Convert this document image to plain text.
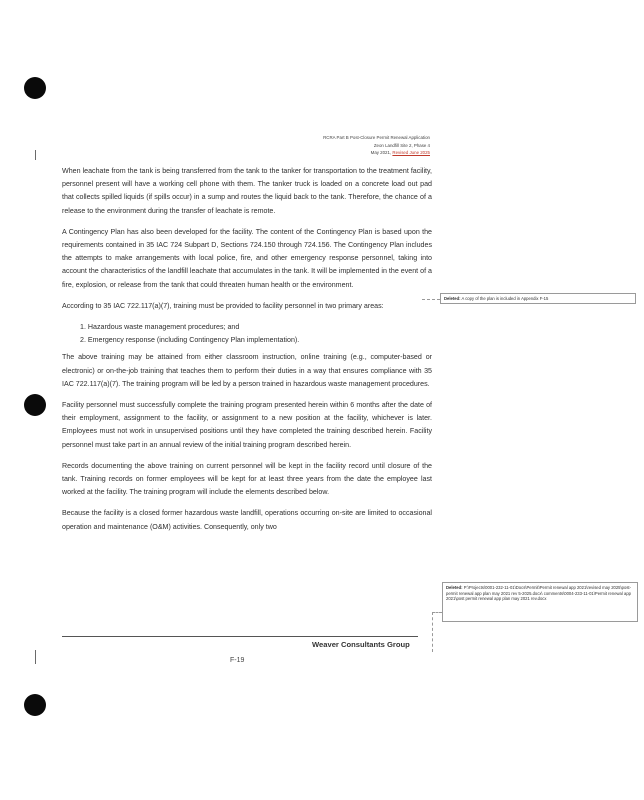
RCRA Part B Post-Closure Permit Renewal Application
Zeon Landfill Site 2, Phase 4
May 2021, Revised June 2025

When leachate from the tank is being transferred from the tank to the tanker for transportation to the treatment facility, personnel present will have a working cell phone with them. The tanker truck is loaded on a concrete load out pad that collects spilled liquids (if spills occur) in a sump and routes the liquid back to the tank. Therefore, the chance of a release to the environment during the transfer of leachate is remote.

A Contingency Plan has also been developed for the facility. The content of the Contingency Plan is based upon the requirements contained in 35 IAC 724 Subpart D, Sections 724.150 through 724.156. The Contingency Plan includes the attempts to make arrangements with local police, fire, and other emergency response personnel, taking into account the characteristics of the landfill leachate that accumulates in the tank. It will be implemented in the event of a fire, explosion, or release from the tank that could threaten human health or the environment.

According to 35 IAC 722.117(a)(7), training must be provided to facility personnel in two primary areas:

1. Hazardous waste management procedures; and
2. Emergency response (including Contingency Plan implementation).

The above training may be attained from either classroom instruction, online training (e.g., computer-based or electronic) or on-the-job training that teaches them to perform their duties in a way that ensures compliance with 35 IAC 722.117(a)(7). The training program will be led by a person trained in hazardous waste management procedures.

Facility personnel must successfully complete the training program presented herein within 6 months after the date of their employment, assignment to the facility, or assignment to a new position at the facility, whichever is later. Employees must not work in unsupervised positions until they have completed the training described herein. Facility personnel must take part in an annual review of the initial training program described herein.

Records documenting the above training on current personnel will be kept in the facility record until closure of the tank. Training records on former employees will be kept for at least three years from the date the employee last worked at the facility. The training program will include the elements described below.

Because the facility is a closed former hazardous waste landfill, operations occurring on-site are limited to occasional operation and maintenance (O&M) activities. Consequently, only two

Deleted: A copy of the plan is included in Appendix F-15
Deleted: P:\Projects\0001-232-11-01\Docs\Permit\Permit renewal app 2021\revised may 2025\post-permit renewal app plan may 2021 rev 5-2025.docx\ comments\0004-233-11-01\Permit renewal app 2021\post permit renewal app plan may 2021 rev.docx
Weaver Consultants Group
F-19
